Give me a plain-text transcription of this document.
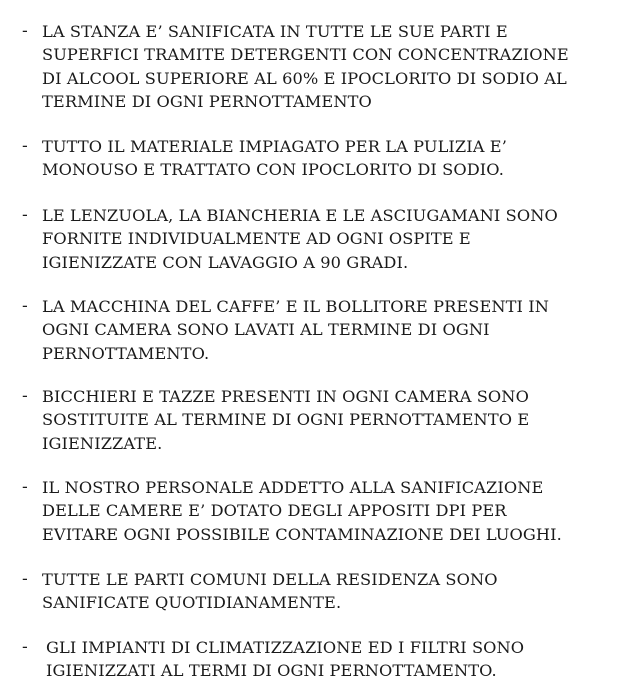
- LA STANZA E’ SANIFICATA IN TUTTE LE SUE PARTI E
SUPERFICI TRAMITE DETERGENTI CON CONCENTRAZIONE
DI ALCOOL SUPERIORE AL 60% E IPOCLORITO DI SODIO AL
TERMINE DI OGNI PERNOTTAMENTO
- TUTTO IL MATERIALE IMPIAGATO PER LA PULIZIA E’
MONOUSO E TRATTATO CON IPOCLORITO DI SODIO.
- LE LENZUOLA, LA BIANCHERIA E LE ASCIUGAMANI SONO
FORNITE INDIVIDUALMENTE AD OGNI OSPITE E
IGIENIZZATE CON LAVAGGIO A 90 GRADI.
- LA MACCHINA DEL CAFFE’ E IL BOLLITORE PRESENTI IN
OGNI CAMERA SONO LAVATI AL TERMINE DI OGNI
PERNOTTAMENTO.
- BICCHIERI E TAZZE PRESENTI IN OGNI CAMERA SONO
SOSTITUITE AL TERMINE DI OGNI PERNOTTAMENTO E
IGIENIZZATE.
- IL NOSTRO PERSONALE ADDETTO ALLA SANIFICAZIONE
DELLE CAMERE E’ DOTATO DEGLI APPOSITI DPI PER
EVITARE OGNI POSSIBILE CONTAMINAZIONE DEI LUOGHI.
- TUTTE LE PARTI COMUNI DELLA RESIDENZA SONO
SANIFICATE QUOTIDIANAMENTE.
- GLI IMPIANTI DI CLIMATIZZAZIONE ED I FILTRI SONO
IGIENIZZATI AL TERMI DI OGNI PERNOTTAMENTO.
